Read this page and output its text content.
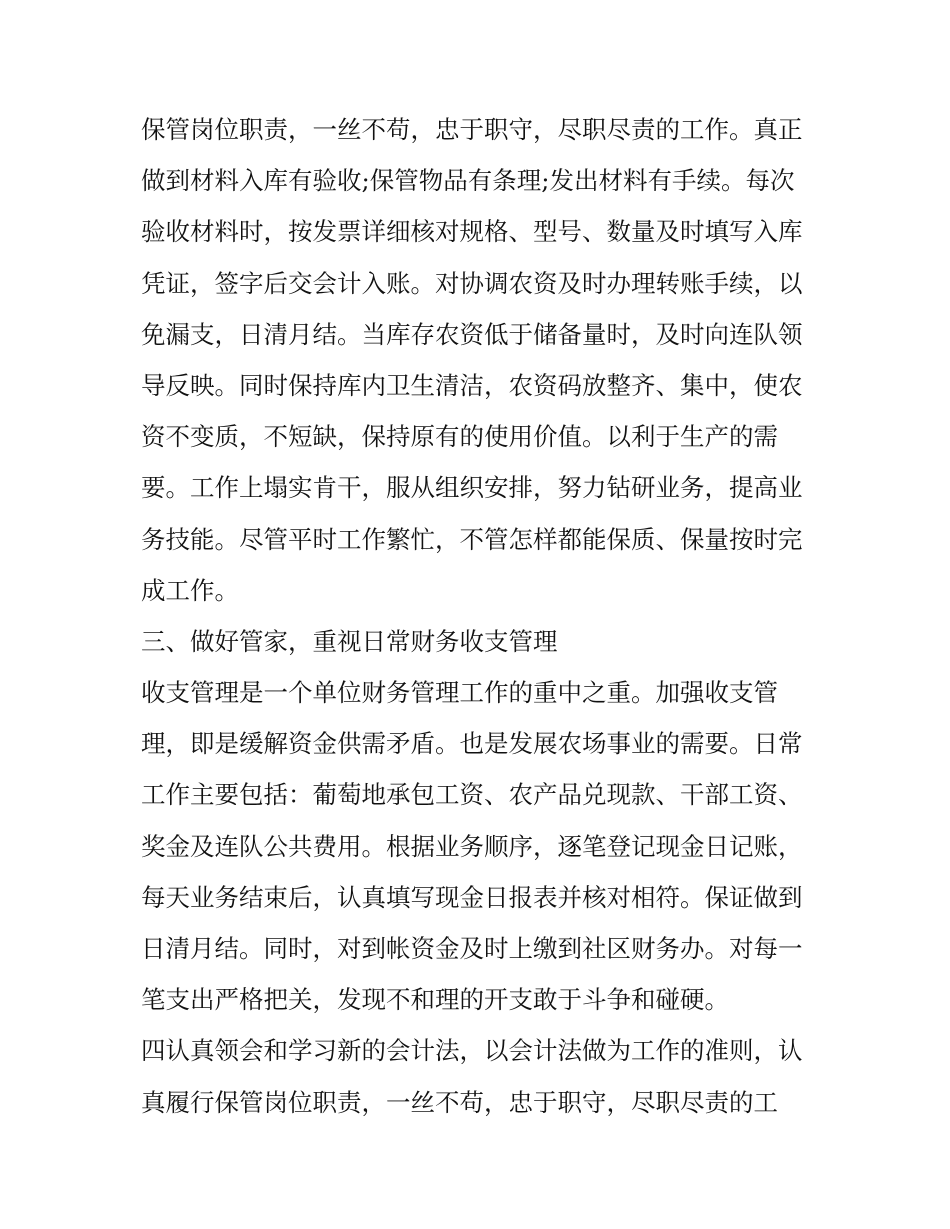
保管岗位职责，一丝不苟，忠于职守，尽职尽责的工作。真正
做到材料入库有验收;保管物品有条理;发出材料有手续。每次
验收材料时，按发票详细核对规格、型号、数量及时填写入库
凭证，签字后交会计入账。对协调农资及时办理转账手续，以
免漏支，日清月结。当库存农资低于储备量时，及时向连队领
导反映。同时保持库内卫生清洁，农资码放整齐、集中，使农
资不变质，不短缺，保持原有的使用价值。以利于生产的需
要。工作上塌实肯干，服从组织安排，努力钻研业务，提高业
务技能。尽管平时工作繁忙，不管怎样都能保质、保量按时完
成工作。
三、做好管家，重视日常财务收支管理
收支管理是一个单位财务管理工作的重中之重。加强收支管
理，即是缓解资金供需矛盾。也是发展农场事业的需要。日常
工作主要包括：葡萄地承包工资、农产品兑现款、干部工资、
奖金及连队公共费用。根据业务顺序，逐笔登记现金日记账，
每天业务结束后，认真填写现金日报表并核对相符。保证做到
日清月结。同时，对到帐资金及时上缴到社区财务办。对每一
笔支出严格把关，发现不和理的开支敢于斗争和碰硬。
四认真领会和学习新的会计法，以会计法做为工作的准则，认
真履行保管岗位职责，一丝不苟，忠于职守，尽职尽责的工
